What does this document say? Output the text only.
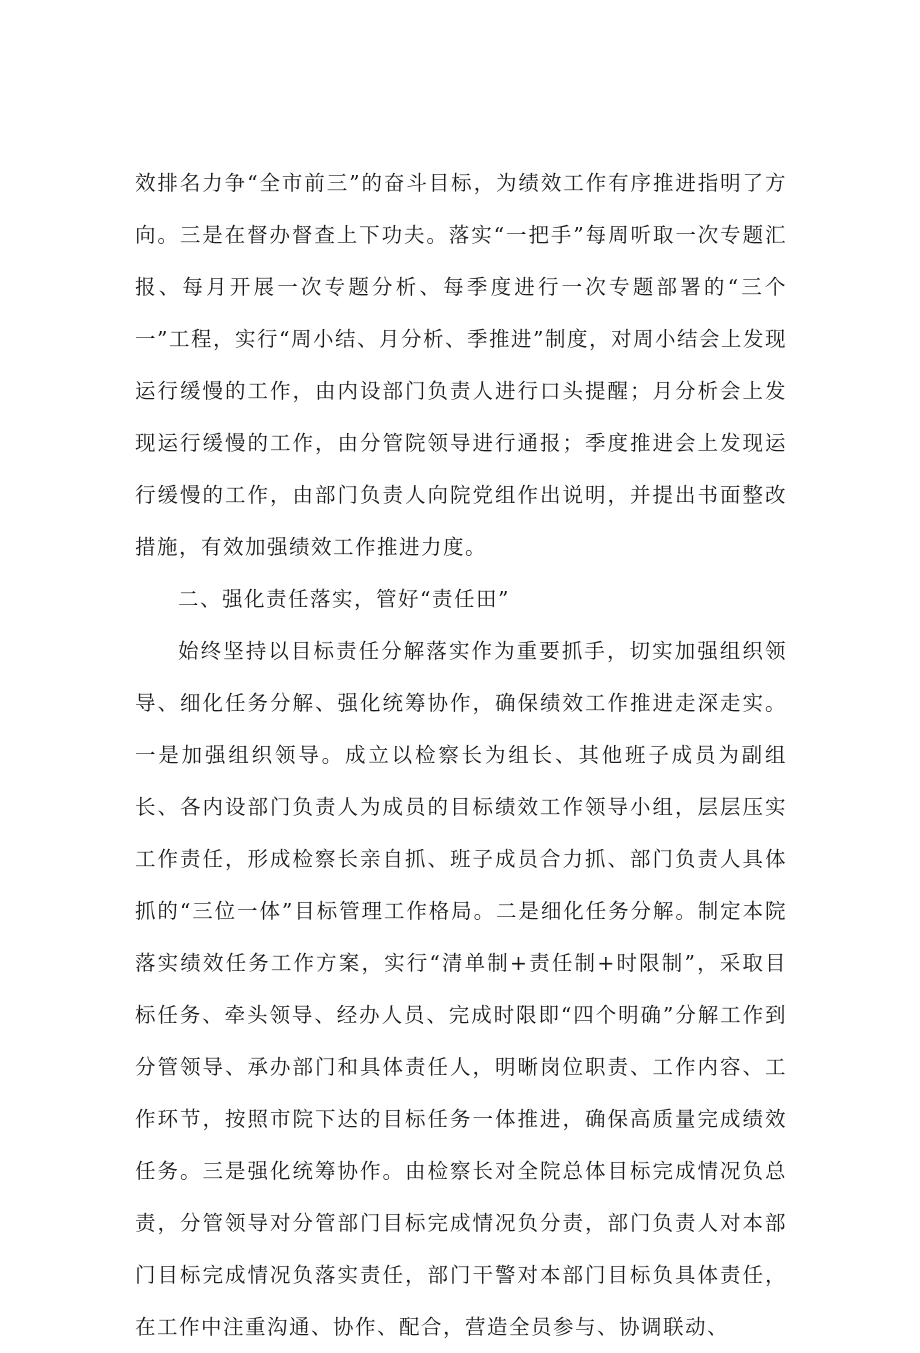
效排名力争“全市前三”的奋斗目标，为绩效工作有序推进指明了方向。三是在督办督查上下功夫。落实“一把手”每周听取一次专题汇报、每月开展一次专题分析、每季度进行一次专题部署的“三个一”工程，实行“周小结、月分析、季推进”制度，对周小结会上发现运行缓慢的工作，由内设部门负责人进行口头提醒；月分析会上发现运行缓慢的工作，由分管院领导进行通报；季度推进会上发现运行缓慢的工作，由部门负责人向院党组作出说明，并提出书面整改措施，有效加强绩效工作推进力度。

二、强化责任落实，管好“责任田”

始终坚持以目标责任分解落实作为重要抓手，切实加强组织领导、细化任务分解、强化统筹协作，确保绩效工作推进走深走实。一是加强组织领导。成立以检察长为组长、其他班子成员为副组长、各内设部门负责人为成员的目标绩效工作领导小组，层层压实工作责任，形成检察长亲自抓、班子成员合力抓、部门负责人具体抓的“三位一体”目标管理工作格局。二是细化任务分解。制定本院落实绩效任务工作方案，实行“清单制+责任制+时限制”，采取目标任务、牵头领导、经办人员、完成时限即“四个明确”分解工作到分管领导、承办部门和具体责任人，明晰岗位职责、工作内容、工作环节，按照市院下达的目标任务一体推进，确保高质量完成绩效任务。三是强化统筹协作。由检察长对全院总体目标完成情况负总责，分管领导对分管部门目标完成情况负分责，部门负责人对本部门目标完成情况负落实责任，部门干警对本部门目标负具体责任，在工作中注重沟通、协作、配合，营造全员参与、协调联动、
